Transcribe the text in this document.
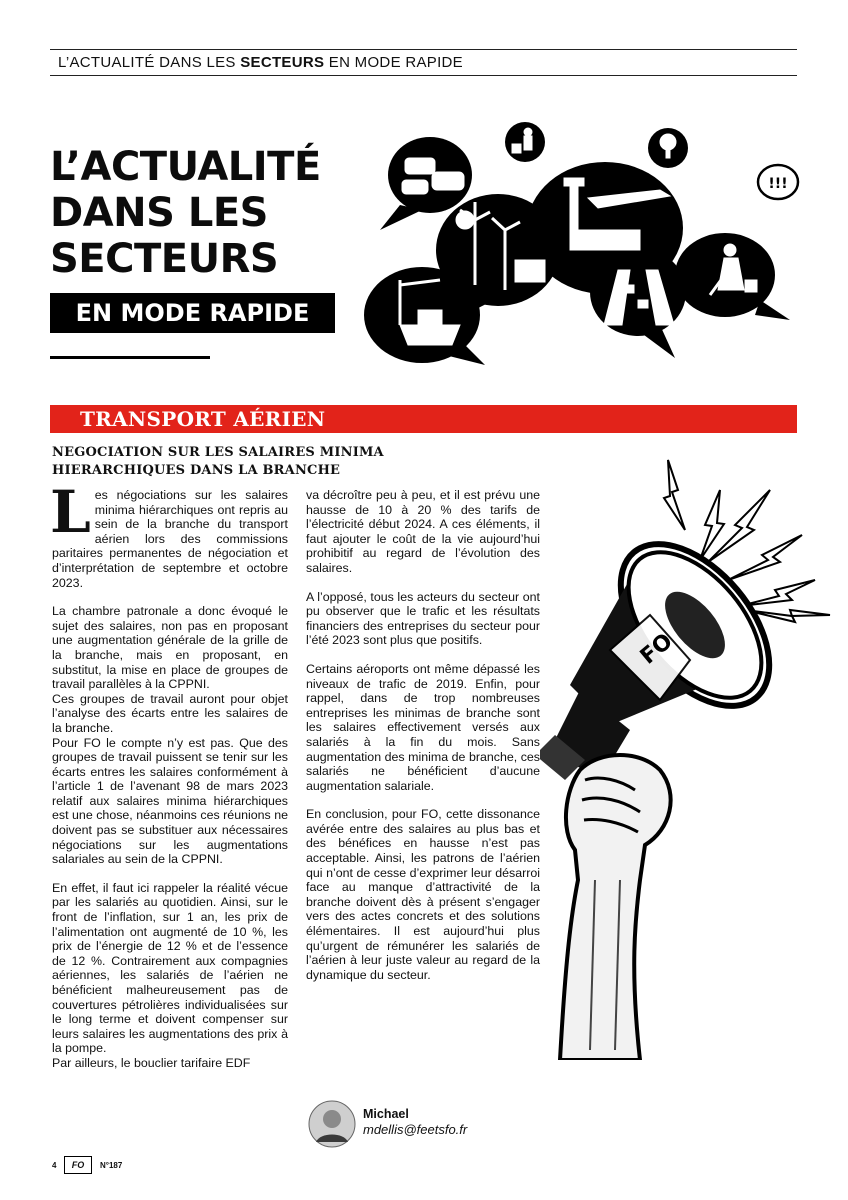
L’ACTUALITÉ DANS LES SECTEURS EN MODE RAPIDE
L’ACTUALITÉ
DANS LES
SECTEURS
EN MODE RAPIDE
!!!
TRANSPORT AÉRIEN
NEGOCIATION SUR LES SALAIRES MINIMA
HIERARCHIQUES DANS LA BRANCHE

Les négociations sur les salaires minima hiérarchiques ont repris au sein de la branche du transport aérien lors des commissions paritaires permanentes de négociation et d’interprétation de septembre et octobre 2023.

La chambre patronale a donc évoqué le sujet des salaires, non pas en proposant une augmentation générale de la grille de la branche, mais en proposant, en substitut, la mise en place de groupes de travail parallèles à la CPPNI.

Ces groupes de travail auront pour objet l’analyse des écarts entre les salaires de la branche.

Pour FO le compte n’y est pas. Que des groupes de travail puissent se tenir sur les écarts entres les salaires conformément à l’article 1 de l’avenant 98 de mars 2023 relatif aux salaires minima hiérarchiques est une chose, néanmoins ces réunions ne doivent pas se substituer aux nécessaires négociations sur les augmentations salariales au sein de la CPPNI.

En effet, il faut ici rappeler la réalité vécue par les salariés au quotidien. Ainsi, sur le front de l’inflation, sur 1 an, les prix de l’alimentation ont augmenté de 10 %, les prix de l’énergie de 12 % et de l’essence de 12 %. Contrairement aux compagnies aériennes, les salariés de l’aérien ne bénéficient malheureusement pas de couvertures pétrolières individualisées sur le long terme et doivent compenser sur leurs salaires les augmentations des prix à la pompe.

Par ailleurs, le bouclier tarifaire EDF

va décroître peu à peu, et il est prévu une hausse de 10 à 20 % des tarifs de l’électricité début 2024. A ces éléments, il faut ajouter le coût de la vie aujourd’hui prohibitif au regard de l’évolution des salaires.

A l’opposé, tous les acteurs du secteur ont pu observer que le trafic et les résultats financiers des entreprises du secteur pour l’été 2023 sont plus que positifs.

Certains aéroports ont même dépassé les niveaux de trafic de 2019. Enfin, pour rappel, dans de trop nombreuses entreprises les minimas de branche sont les salaires effectivement versés aux salariés à la fin du mois. Sans augmentation des minima de branche, ces salariés ne bénéficient d’aucune augmentation salariale.

En conclusion, pour FO, cette dissonance avérée entre des salaires au plus bas et des bénéfices en hausse n’est pas acceptable. Ainsi, les patrons de l’aérien qui n’ont de cesse d’exprimer leur désarroi face au manque d’attractivité de la branche doivent dès à présent s’engager vers des actes concrets et des solutions élémentaires. Il est aujourd’hui plus qu’urgent de rémunérer les salariés de l’aérien à leur juste valeur au regard de la dynamique du secteur.

FO
Michael
mdellis@feetsfo.fr
4	FO	N°187
